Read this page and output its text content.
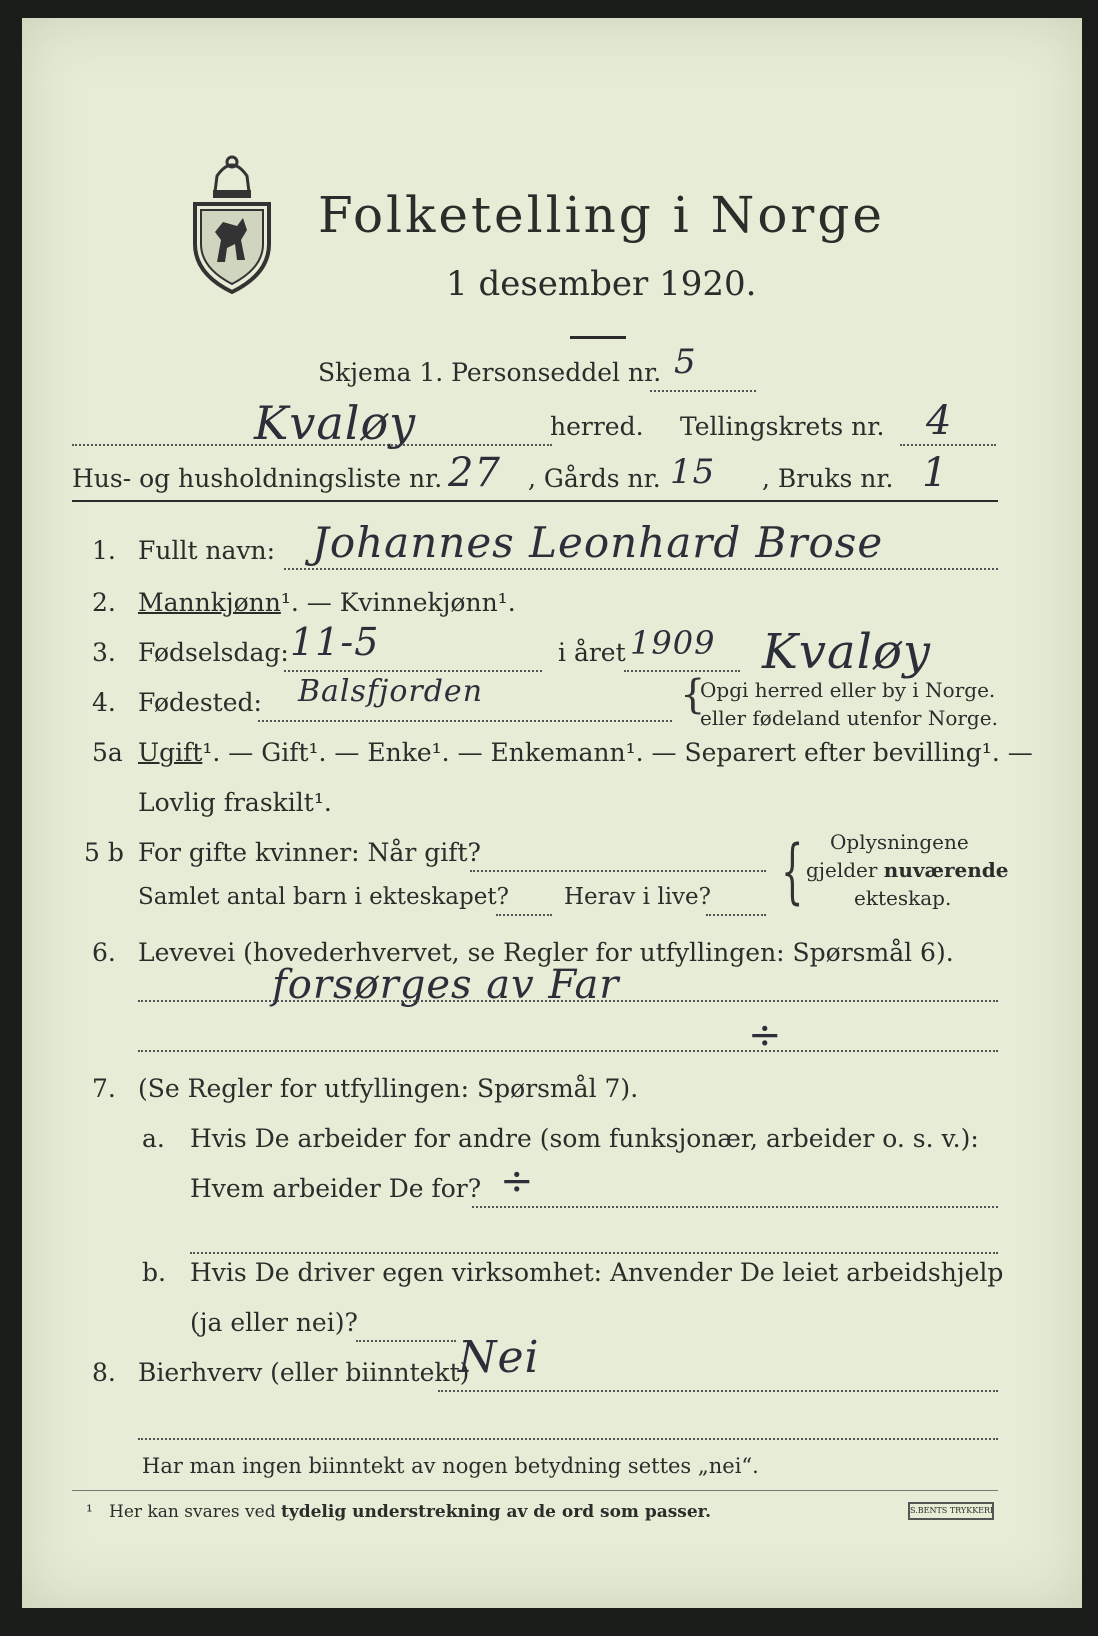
Folketelling i Norge
1 desember 1920.
Skjema 1. Personseddel nr. 5
Kvaløy	herred. Tellingskrets nr. 4
Hus- og husholdningsliste nr. 27 , Gårds nr. 15 , Bruks nr. 1
1. Fullt navn: Johannes Leonhard Brose
2. Mannkjønn¹. — Kvinnekjønn¹.
3. Fødselsdag: 11-5	i året 1909 Kvaløy
4. Fødested: Balsfjorden	{
Opgi herred eller by i Norge.
eller fødeland utenfor Norge.
5a Ugift¹. — Gift¹. — Enke¹. — Enkemann¹. — Separert efter bevilling¹. —
Lovlig fraskilt¹.
5 b For gifte kvinner: Når gift?
Samlet antal barn i ekteskapet? Herav i live? { Oplysningene
gjelder nuværende
ekteskap.
6. Levevei (hovederhvervet, se Regler for utfyllingen: Spørsmål 6).
forsørges av Far
÷
7. (Se Regler for utfyllingen: Spørsmål 7).
a. Hvis De arbeider for andre (som funksjonær, arbeider o. s. v.):
Hvem arbeider De for? ÷
b. Hvis De driver egen virksomhet: Anvender De leiet arbeidshjelp
(ja eller nei)?
8. Bierhverv (eller biinntekt)
Nei
Har man ingen biinntekt av nogen betydning settes „nei“.
¹ Her kan svares ved tydelig understrekning av de ord som passer.	S.BENTS TRYKKERI
